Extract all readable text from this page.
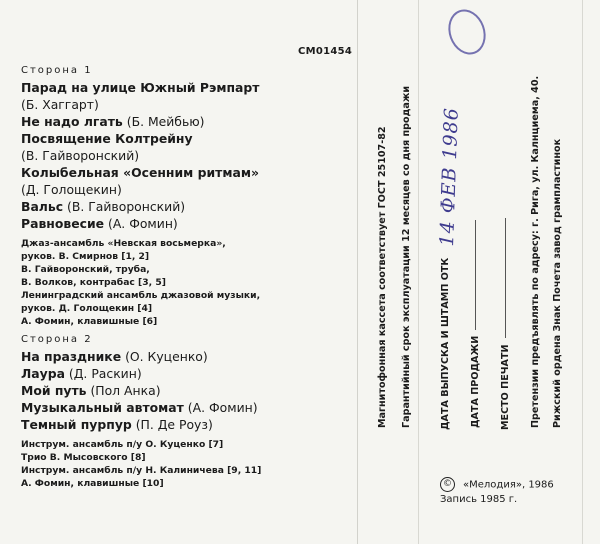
СМ01454
Сторона 1
Парад на улице Южный Рэмпарт
(Б. Хаггарт)
Не надо лгать (Б. Мейбью)
Посвящение Колтрейну
(В. Гайворонский)
Колыбельная «Осенним ритмам»
(Д. Голощекин)
Вальс (В. Гайворонский)
Равновесие (А. Фомин)
Джаз-ансамбль «Невская восьмерка»,
руков. В. Смирнов [1, 2]
В. Гайворонский, труба,
В. Волков, контрабас [3, 5]
Ленинградский ансамбль джазовой музыки,
руков. Д. Голощекин [4]
А. Фомин, клавишные [6]
Сторона 2
На празднике (О. Куценко)
Лаура (Д. Раскин)
Мой путь (Пол Анка)
Музыкальный автомат (А. Фомин)
Темный пурпур (П. Де Роуз)
Инструм. ансамбль п/у О. Куценко [7]
Трио В. Мысовского [8]
Инструм. ансамбль п/у Н. Калиничева [9, 11]
А. Фомин, клавишные [10]
Магнитофонная кассета соответствует ГОСТ 25107-82 Гарантийный срок эксплуатации 12 месяцев со дня продажи	ДАТА ВЫПУСКА И ШТАМП ОТК
14 ФЕВ 1986
ДАТА ПРОДАЖИ МЕСТО ПЕЧАТИ Претензии предъявлять по адресу: г. Рига, ул. Калнциема, 40. Рижский ордена Знак Почета завод грампластинок
© «Мелодия», 1986
Запись 1985 г.
